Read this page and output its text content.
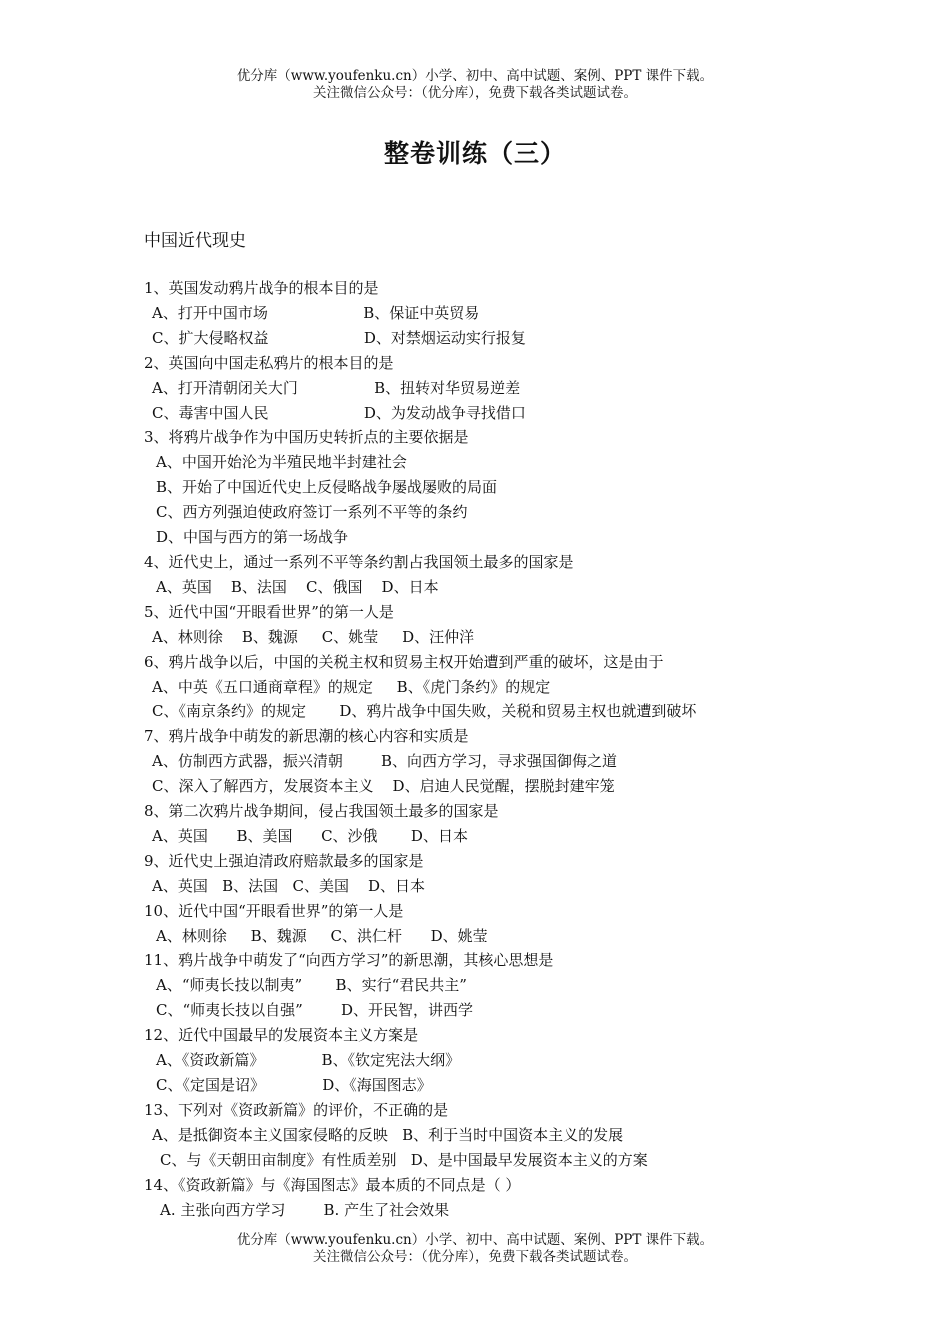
优分库（www.youfenku.cn）小学、初中、高中试题、案例、PPT 课件下载。
关注微信公众号：（优分库），免费下载各类试题试卷。
整卷训练（三）
中国近代现史
1、英国发动鸦片战争的根本目的是
A、打开中国市场                    B、保证中英贸易
C、扩大侵略权益                    D、对禁烟运动实行报复
2、英国向中国走私鸦片的根本目的是
A、打开清朝闭关大门                B、扭转对华贸易逆差
C、毒害中国人民                    D、为发动战争寻找借口
3、将鸦片战争作为中国历史转折点的主要依据是
A、中国开始沦为半殖民地半封建社会
B、开始了中国近代史上反侵略战争屡战屡败的局面
C、西方列强迫使政府签订一系列不平等的条约
D、中国与西方的第一场战争
4、近代史上，通过一系列不平等条约割占我国领土最多的国家是
A、英国    B、法国    C、俄国    D、日本
5、近代中国“开眼看世界”的第一人是
A、林则徐    B、魏源     C、姚莹     D、汪仲洋
6、鸦片战争以后，中国的关税主权和贸易主权开始遭到严重的破坏，这是由于
A、中英《五口通商章程》的规定     B、《虎门条约》的规定
C、《南京条约》的规定       D、鸦片战争中国失败，关税和贸易主权也就遭到破坏
7、鸦片战争中萌发的新思潮的核心内容和实质是
A、仿制西方武器，振兴清朝        B、向西方学习，寻求强国御侮之道
C、深入了解西方，发展资本主义    D、启迪人民觉醒，摆脱封建牢笼
8、第二次鸦片战争期间，侵占我国领土最多的国家是
A、英国      B、美国      C、沙俄       D、日本
9、近代史上强迫清政府赔款最多的国家是
A、英国   B、法国   C、美国    D、日本
10、近代中国“开眼看世界”的第一人是
A、林则徐     B、魏源     C、洪仁杆      D、姚莹
11、鸦片战争中萌发了“向西方学习”的新思潮，其核心思想是
A、“师夷长技以制夷”       B、实行“君民共主”
C、“师夷长技以自强”        D、开民智，讲西学
12、近代中国最早的发展资本主义方案是
A、《资政新篇》            B、《钦定宪法大纲》
C、《定国是诏》            D、《海国图志》
13、下列对《资政新篇》的评价，不正确的是
A、是抵御资本主义国家侵略的反映   B、利于当时中国资本主义的发展
C、与《天朝田亩制度》有性质差别   D、是中国最早发展资本主义的方案
14、《资政新篇》与《海国图志》最本质的不同点是（ ）
A. 主张向西方学习        B. 产生了社会效果
优分库（www.youfenku.cn）小学、初中、高中试题、案例、PPT 课件下载。
关注微信公众号：（优分库），免费下载各类试题试卷。
